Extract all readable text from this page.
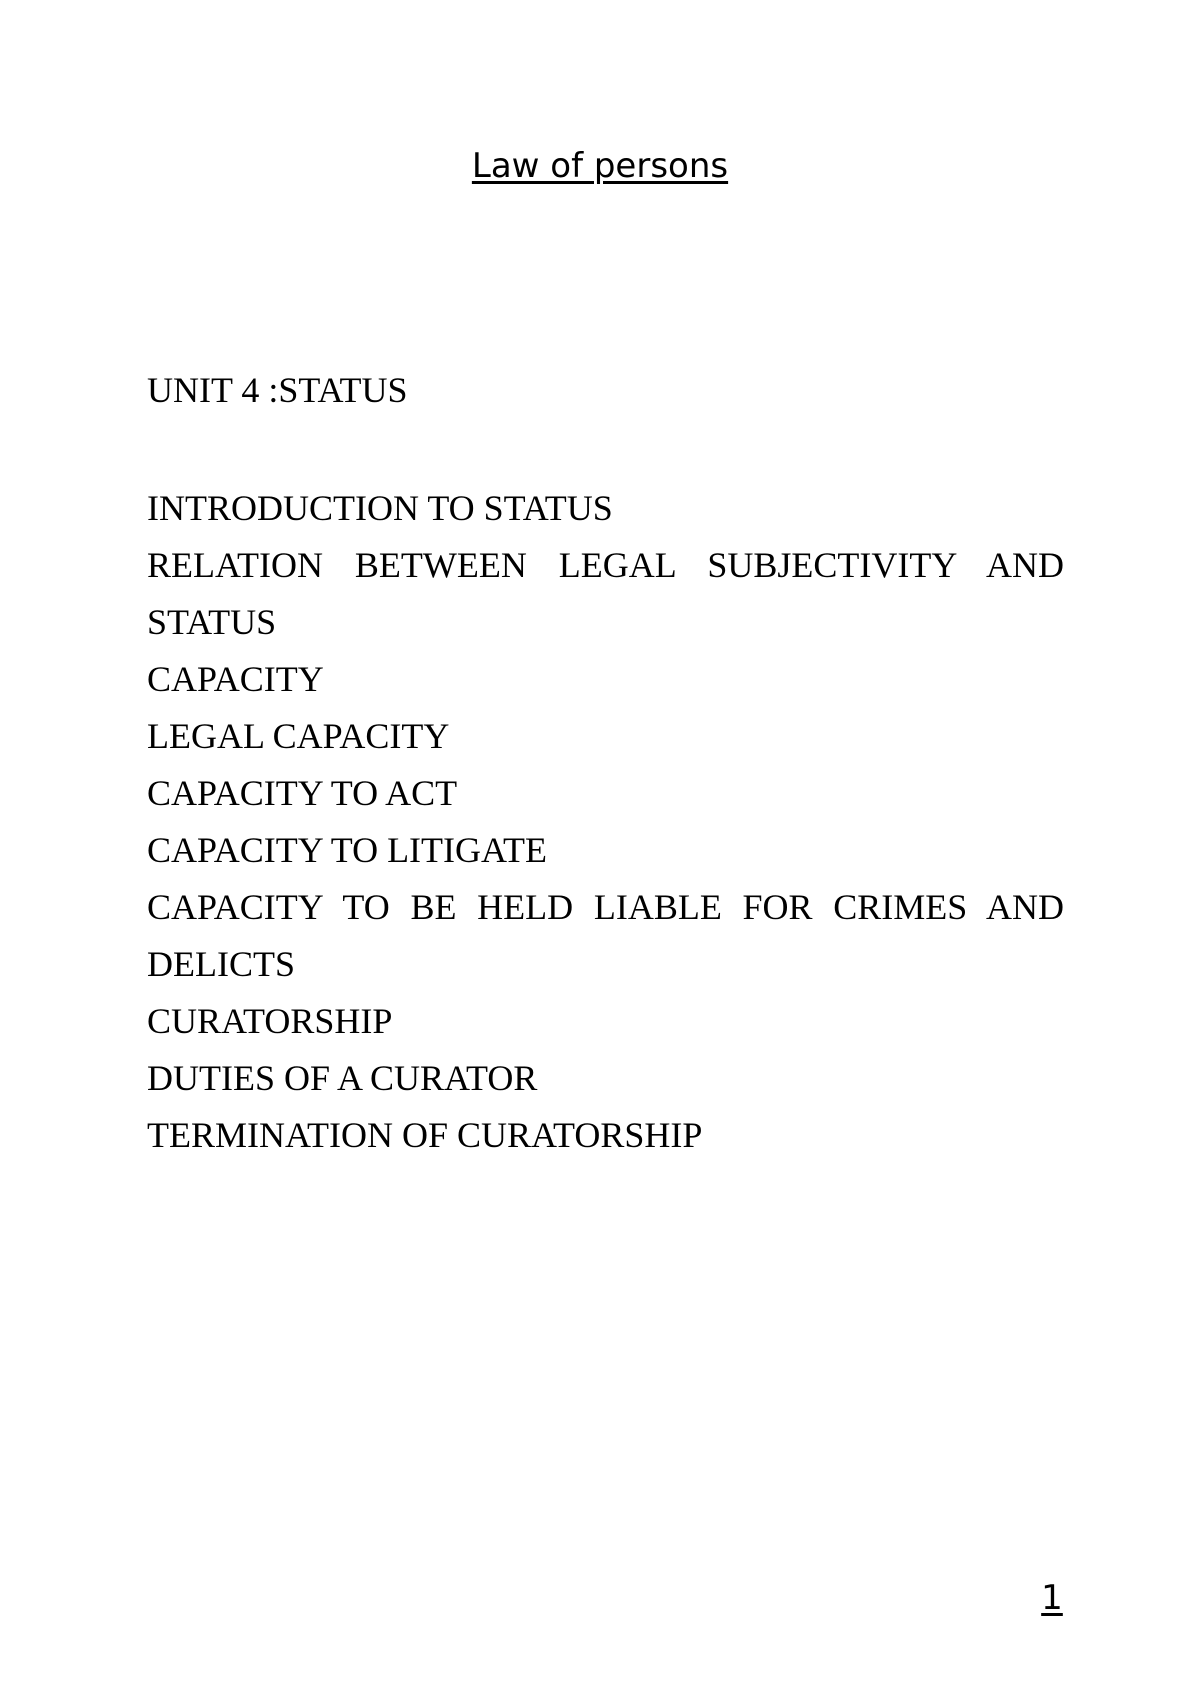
Law of persons
UNIT 4 :STATUS
INTRODUCTION TO STATUS
RELATION BETWEEN LEGAL SUBJECTIVITY AND STATUS
CAPACITY
LEGAL CAPACITY
CAPACITY TO ACT
CAPACITY TO LITIGATE
CAPACITY TO BE HELD LIABLE FOR CRIMES AND DELICTS
CURATORSHIP
DUTIES OF A CURATOR
TERMINATION OF CURATORSHIP
1
